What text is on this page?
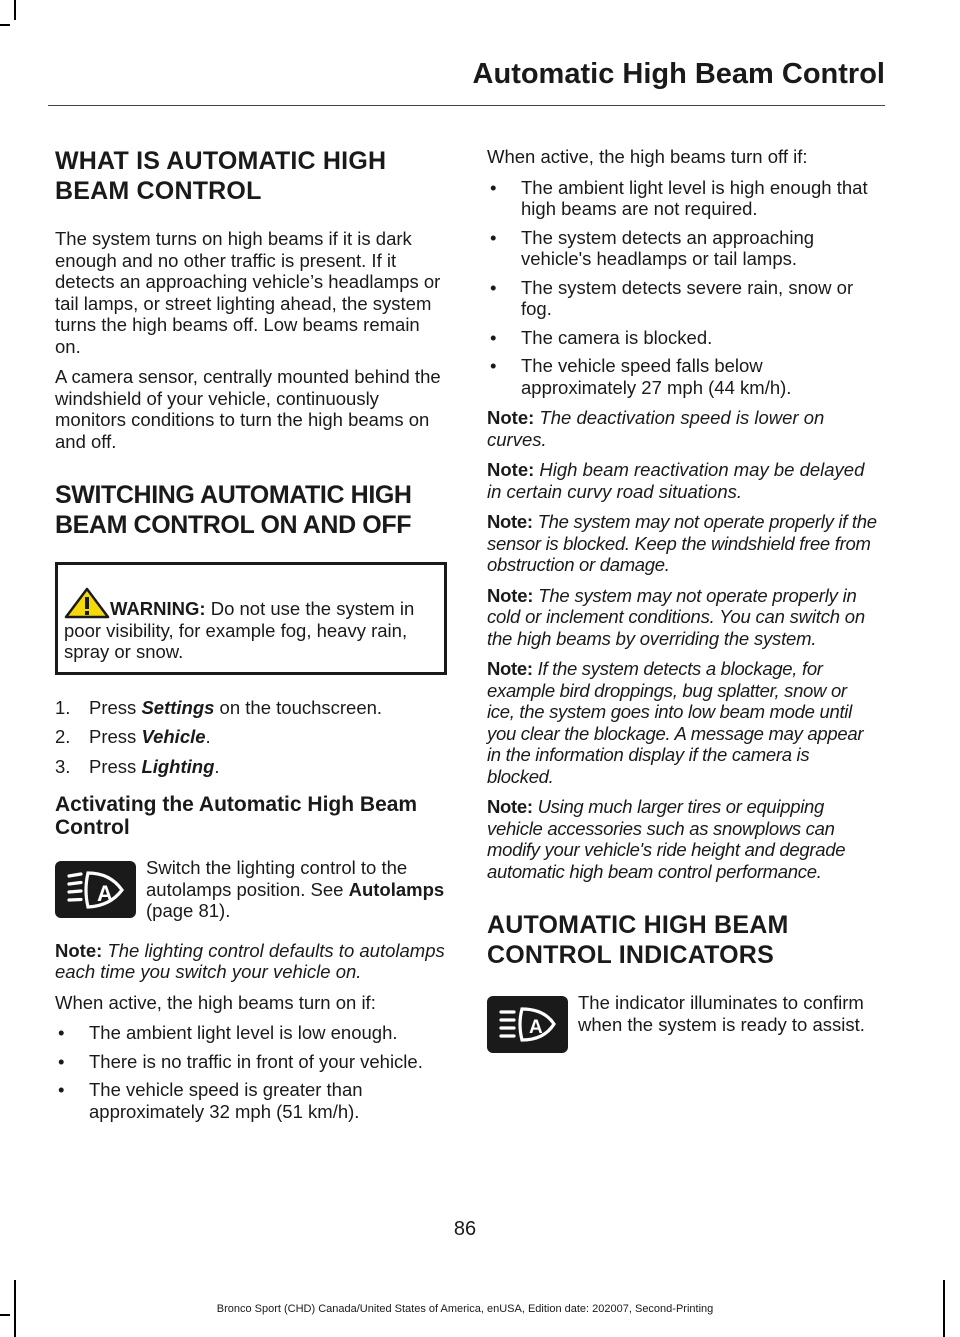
Automatic High Beam Control
WHAT IS AUTOMATIC HIGH
BEAM CONTROL

The system turns on high beams if it is dark enough and no other traffic is present. If it detects an approaching vehicle’s headlamps or tail lamps, or street lighting ahead, the system turns the high beams off. Low beams remain on.

A camera sensor, centrally mounted behind the windshield of your vehicle, continuously monitors conditions to turn the high beams on and off.

SWITCHING AUTOMATIC HIGH
BEAM CONTROL ON AND OFF
WARNING: Do not use the system in poor visibility, for example fog, heavy rain, spray or snow.
1.	Press Settings on the touchscreen.
2.	Press Vehicle.
3.	Press Lighting.
Activating the Automatic High Beam Control
A
Switch the lighting control to the autolamps position. See Autolamps (page 81).

Note: The lighting control defaults to autolamps each time you switch your vehicle on.

When active, the high beams turn on if:

• The ambient light level is low enough.
• There is no traffic in front of your vehicle.
• The vehicle speed is greater than approximately 32 mph (51 km/h).

When active, the high beams turn off if:

• The ambient light level is high enough that high beams are not required.
• The system detects an approaching vehicle's headlamps or tail lamps.
• The system detects severe rain, snow or fog.
• The camera is blocked.
• The vehicle speed falls below approximately 27 mph (44 km/h).

Note: The deactivation speed is lower on curves.

Note: High beam reactivation may be delayed in certain curvy road situations.

Note: The system may not operate properly if the sensor is blocked. Keep the windshield free from obstruction or damage.

Note: The system may not operate properly in cold or inclement conditions. You can switch on the high beams by overriding the system.

Note: If the system detects a blockage, for example bird droppings, bug splatter, snow or ice, the system goes into low beam mode until you clear the blockage. A message may appear in the information display if the camera is blocked.

Note: Using much larger tires or equipping vehicle accessories such as snowplows can modify your vehicle's ride height and degrade automatic high beam control performance.

AUTOMATIC HIGH BEAM
CONTROL INDICATORS
A
The indicator illuminates to confirm when the system is ready to assist.
86
Bronco Sport (CHD) Canada/United States of America, enUSA, Edition date: 202007, Second-Printing
